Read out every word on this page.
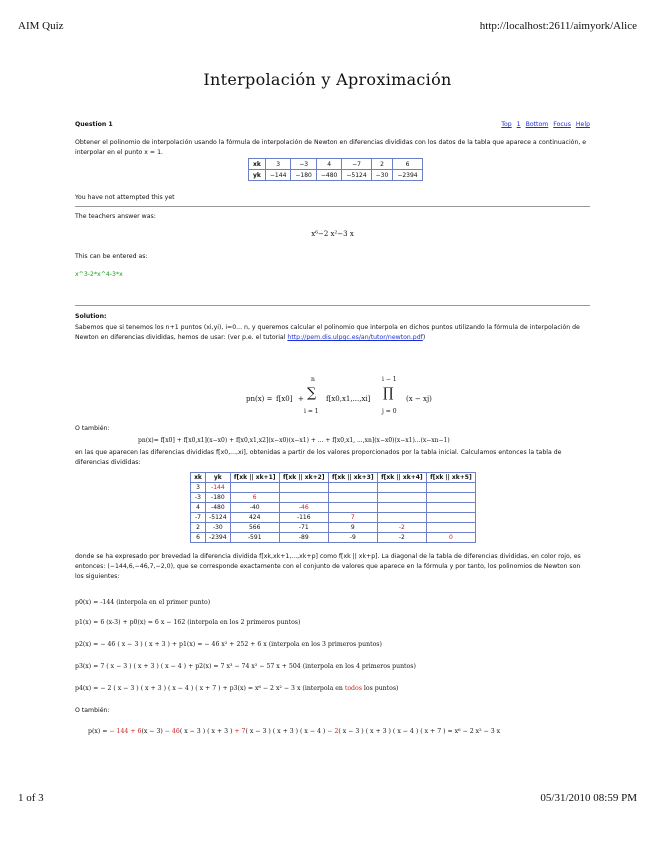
AIM Quiz	http://localhost:2611/aimyork/Alice
Interpolación y Aproximación
Question 1	Top 1 Bottom Focus Help
Obtener el polinomio de interpolación usando la fórmula de interpolación de Newton en diferencias divididas con los datos de la tabla que aparece a continuación, e interpolar en el punto x = 1.
xk	3	−3	4	−7	2	6
yk	−144	−180	−480	−5124	−30	−2394
You have not attempted this yet
The teachers answer was:
x⁶−2 x²−3 x
This can be entered as:
x^3-2*x^4-3*x
Solution:
Sabemos que si tenemos los n+1 puntos (xi,yi), i=0... n, y queremos calcular el polinomio que interpola en dichos puntos utilizando la fórmula de interpolación de Newton en diferencias divididas, hemos de usar: (ver p.e. el tutorial http://pem.dis.ulpgc.es/an/tutor/newton.pdf)
pn(x) = f[x0] +
n
∑
i = 1
f[x0,x1,...,xi]
i − 1
∏
j = 0
(x − xj)
O también:
pn(x)= f[x0] + f[x0,x1](x−x0) + f[x0,x1,x2](x−x0)(x−x1) + ... + f[x0,x1, ...,xn](x−x0)(x−x1)...(x−xn−1)
en las que aparecen las diferencias divididas f[x0,...,xi], obtenidas a partir de los valores proporcionados por la tabla inicial. Calculamos entonces la tabla de diferencias divididas:
xk	yk	f[xk || xk+1]	f[xk || xk+2]	f[xk || xk+3]	f[xk || xk+4]	f[xk || xk+5]
3	-144					
-3	-180	6				
4	-480	-40	-46			
-7	-5124	424	-116	7		
2	-30	566	-71	9	-2	
6	-2394	-591	-89	-9	-2	0
donde se ha expresado por brevedad la diferencia dividida f[xk,xk+1,...,xk+p] como f[xk || xk+p]. La diagonal de la tabla de diferencias divididas, en color rojo, es entonces: (−144,6,−46,7,−2,0), que se corresponde exactamente con el conjunto de valores que aparece en la fórmula y por tanto, los polinomios de Newton son los siguientes:
p0(x) = -144 (interpola en el primer punto)
p1(x) = 6 (x-3) + p0(x) = 6 x − 162 (interpola en los 2 primeros puntos)
p2(x) = − 46 ( x − 3 ) ( x + 3 ) + p1(x) = − 46 x² + 252 + 6 x (interpola en los 3 primeros puntos)
p3(x) = 7 ( x − 3 ) ( x + 3 ) ( x − 4 ) + p2(x) = 7 x³ − 74 x² − 57 x + 504 (interpola en los 4 primeros puntos)
p4(x) = − 2 ( x − 3 ) ( x + 3 ) ( x − 4 ) ( x + 7 ) + p3(x) = x⁶ − 2 x² − 3 x (interpola en todos los puntos)
O también:
p(x) = − 144 + 6(x − 3) − 46( x − 3 ) ( x + 3 ) + 7( x − 3 ) ( x + 3 ) ( x − 4 ) − 2( x − 3 ) ( x + 3 ) ( x − 4 ) ( x + 7 ) = x⁶ − 2 x² − 3 x
1 of 3	05/31/2010 08:59 PM
